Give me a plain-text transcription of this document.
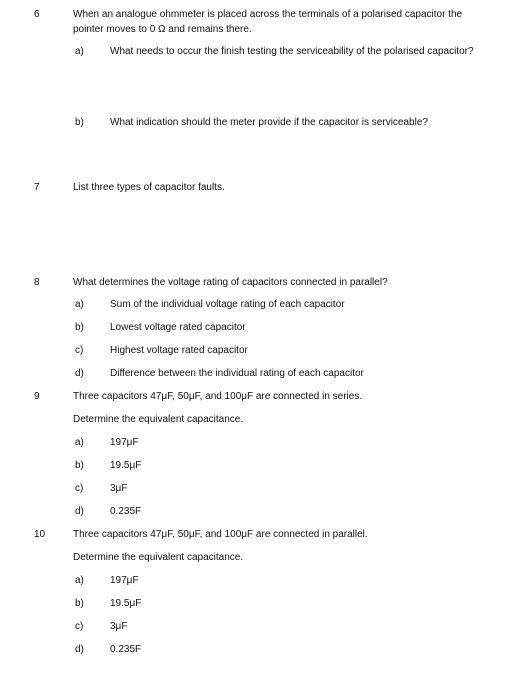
6	When an analogue ohmmeter is placed across the terminals of a polarised capacitor the
pointer moves to 0 Ω and remains there.
a)	What needs to occur the finish testing the serviceability of the polarised capacitor?
b)	What indication should the meter provide if the capacitor is serviceable?
7	List three types of capacitor faults.
8	What determines the voltage rating of capacitors connected in parallel?
a)	Sum of the individual voltage rating of each capacitor
b)	Lowest voltage rated capacitor
c)	Highest voltage rated capacitor
d)	Difference between the individual rating of each capacitor
9	Three capacitors 47μF, 50μF, and 100μF are connected in series.
Determine the equivalent capacitance.
a)	197μF
b)	19.5μF
c)	3μF
d)	0.235F
10	Three capacitors 47μF, 50μF, and 100μF are connected in parallel.
Determine the equivalent capacitance.
a)	197μF
b)	19.5μF
c)	3μF
d)	0.235F
